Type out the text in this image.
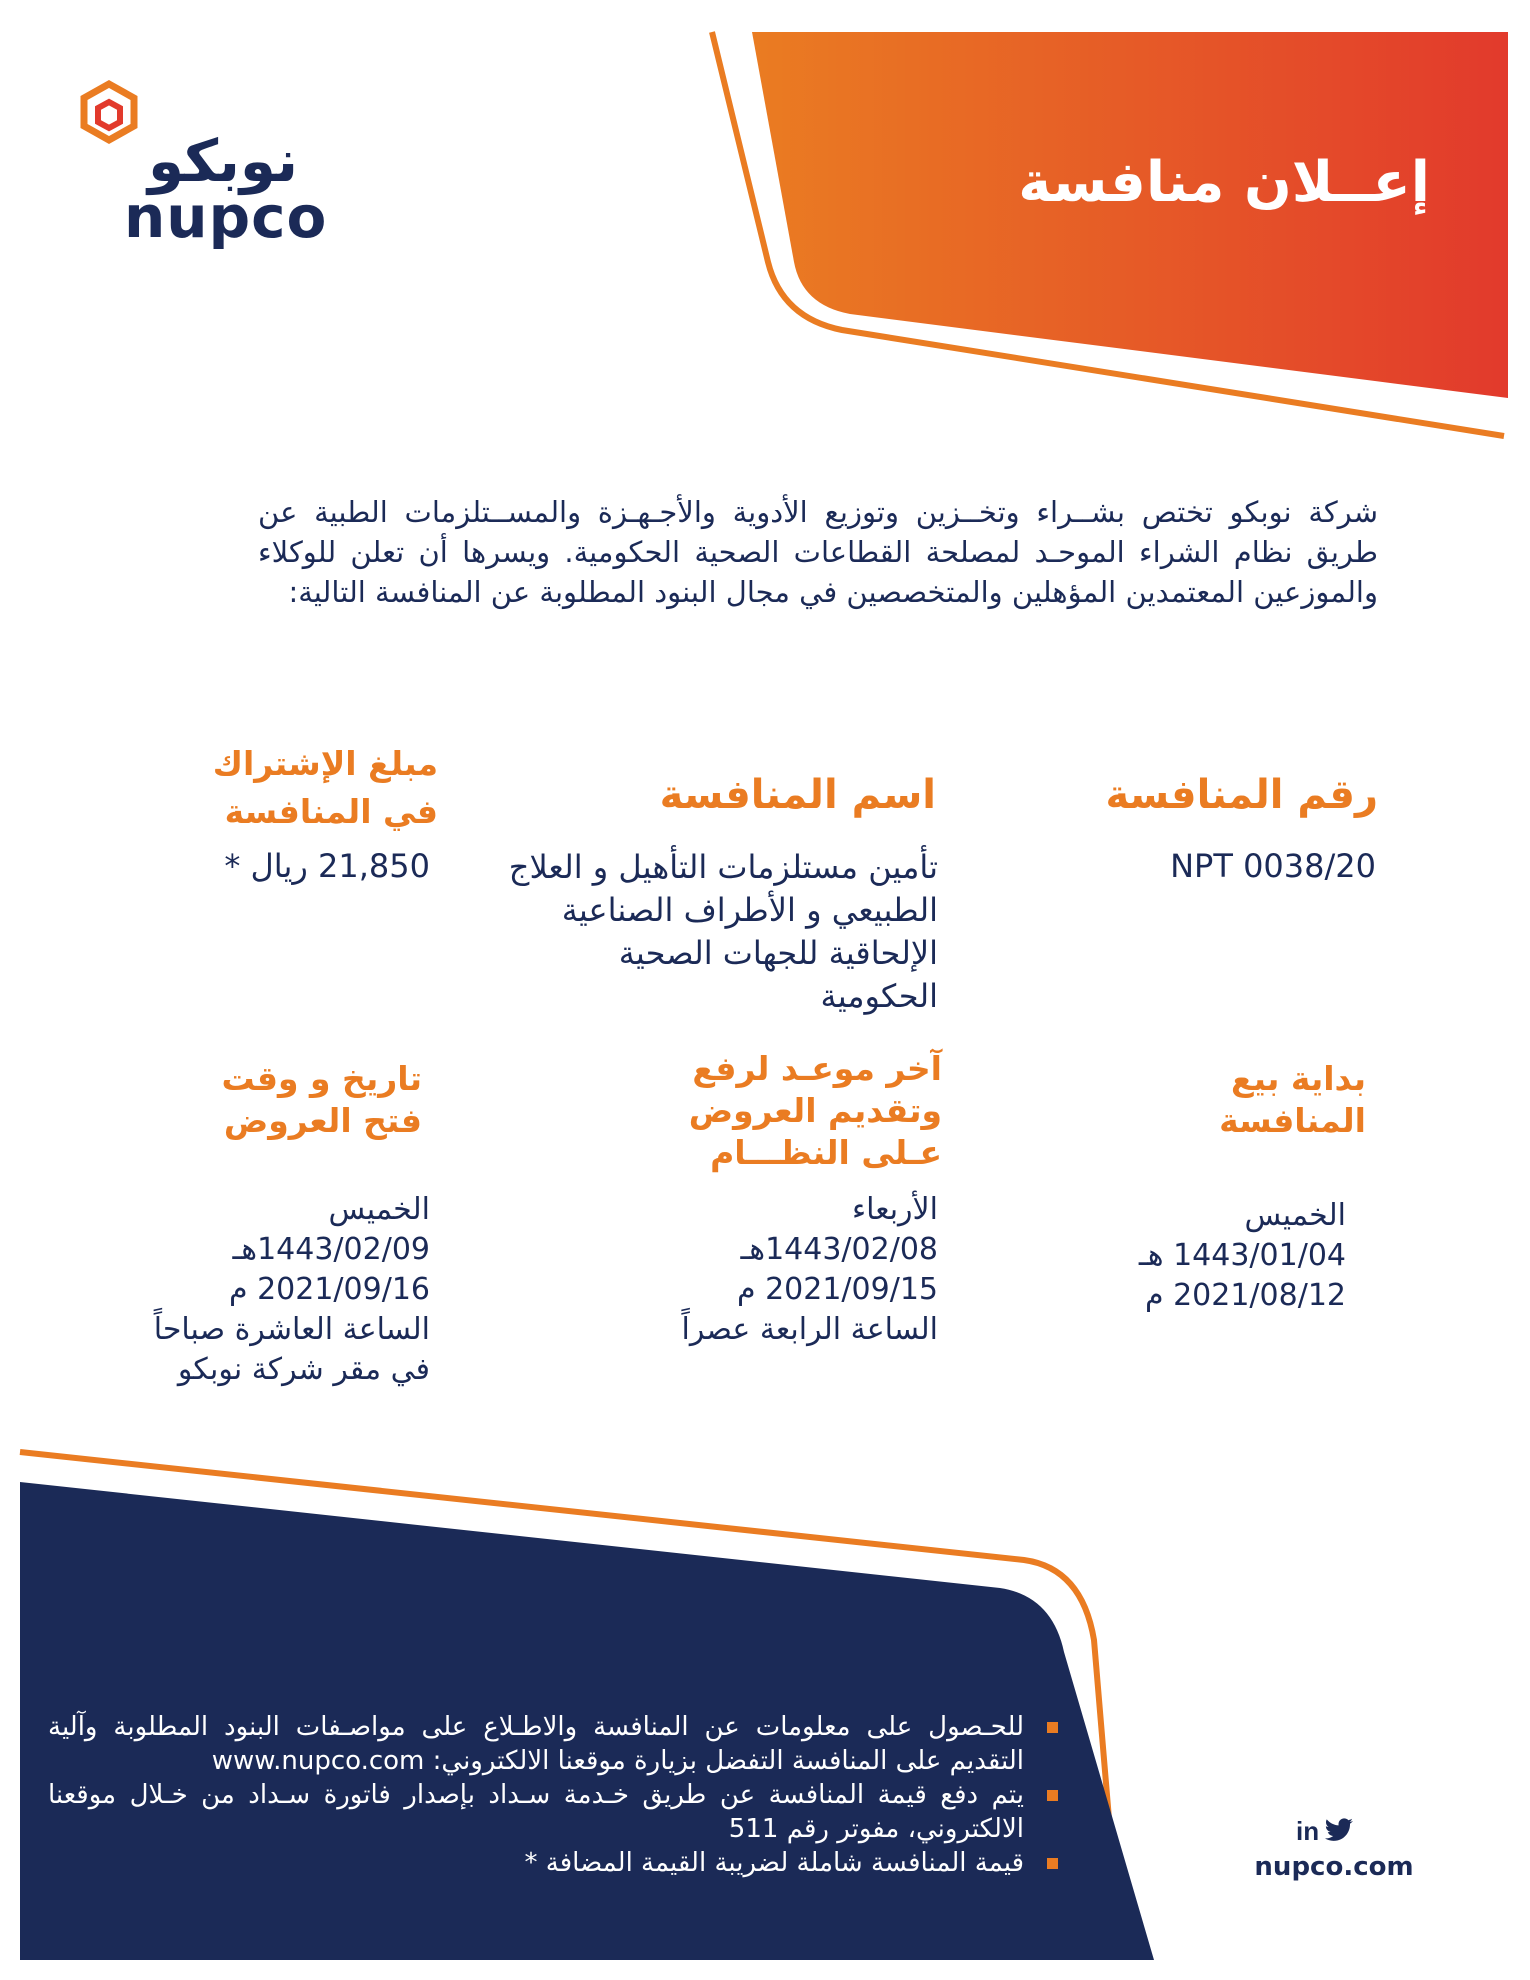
نوبكو
nupco
إعــلان منافسة
شركة نوبكو تختص بشــراء وتخــزين وتوزيع الأدوية والأجـهـزة والمســتلزمات الطبية عن طريق نظام الشراء الموحـد لمصلحة القطاعات الصحية الحكومية. ويسرها أن تعلن للوكلاء والموزعين المعتمدين المؤهلين والمتخصصين في مجال البنود المطلوبة عن المنافسة التالية:
رقم المنافسة
اسم المنافسة
مبلغ الإشتراك في المنافسة
NPT 0038/20
تأمين مستلزمات التأهيل و العلاج الطبيعي و الأطراف الصناعية الإلحاقية للجهات الصحية الحكومية
21,850 ريال *
بداية بيع المنافسة
آخر موعـد لرفع وتقديم العروض عـلى النظـــام
تاريخ و وقت فتح العروض
الخميس
1443/01/04 هـ
2021/08/12 م
الأربعاء
1443/02/08هـ
2021/09/15 م
الساعة الرابعة عصراً
الخميس
1443/02/09هـ
2021/09/16 م
الساعة العاشرة صباحاً
في مقر شركة نوبكو
للحـصول على معلومات عن المنافسة والاطـلاع على مواصـفات البنود المطلوبة وآلية التقديم على المنافسة التفضل بزيارة موقعنا الالكتروني: www.nupco.com
يتم دفع قيمة المنافسة عن طريق خـدمة سـداد بإصدار فاتورة سـداد من خـلال موقعنا الالكتروني، مفوتر رقم 511
قيمة المنافسة شاملة لضريبة القيمة المضافة *
in
nupco.com
